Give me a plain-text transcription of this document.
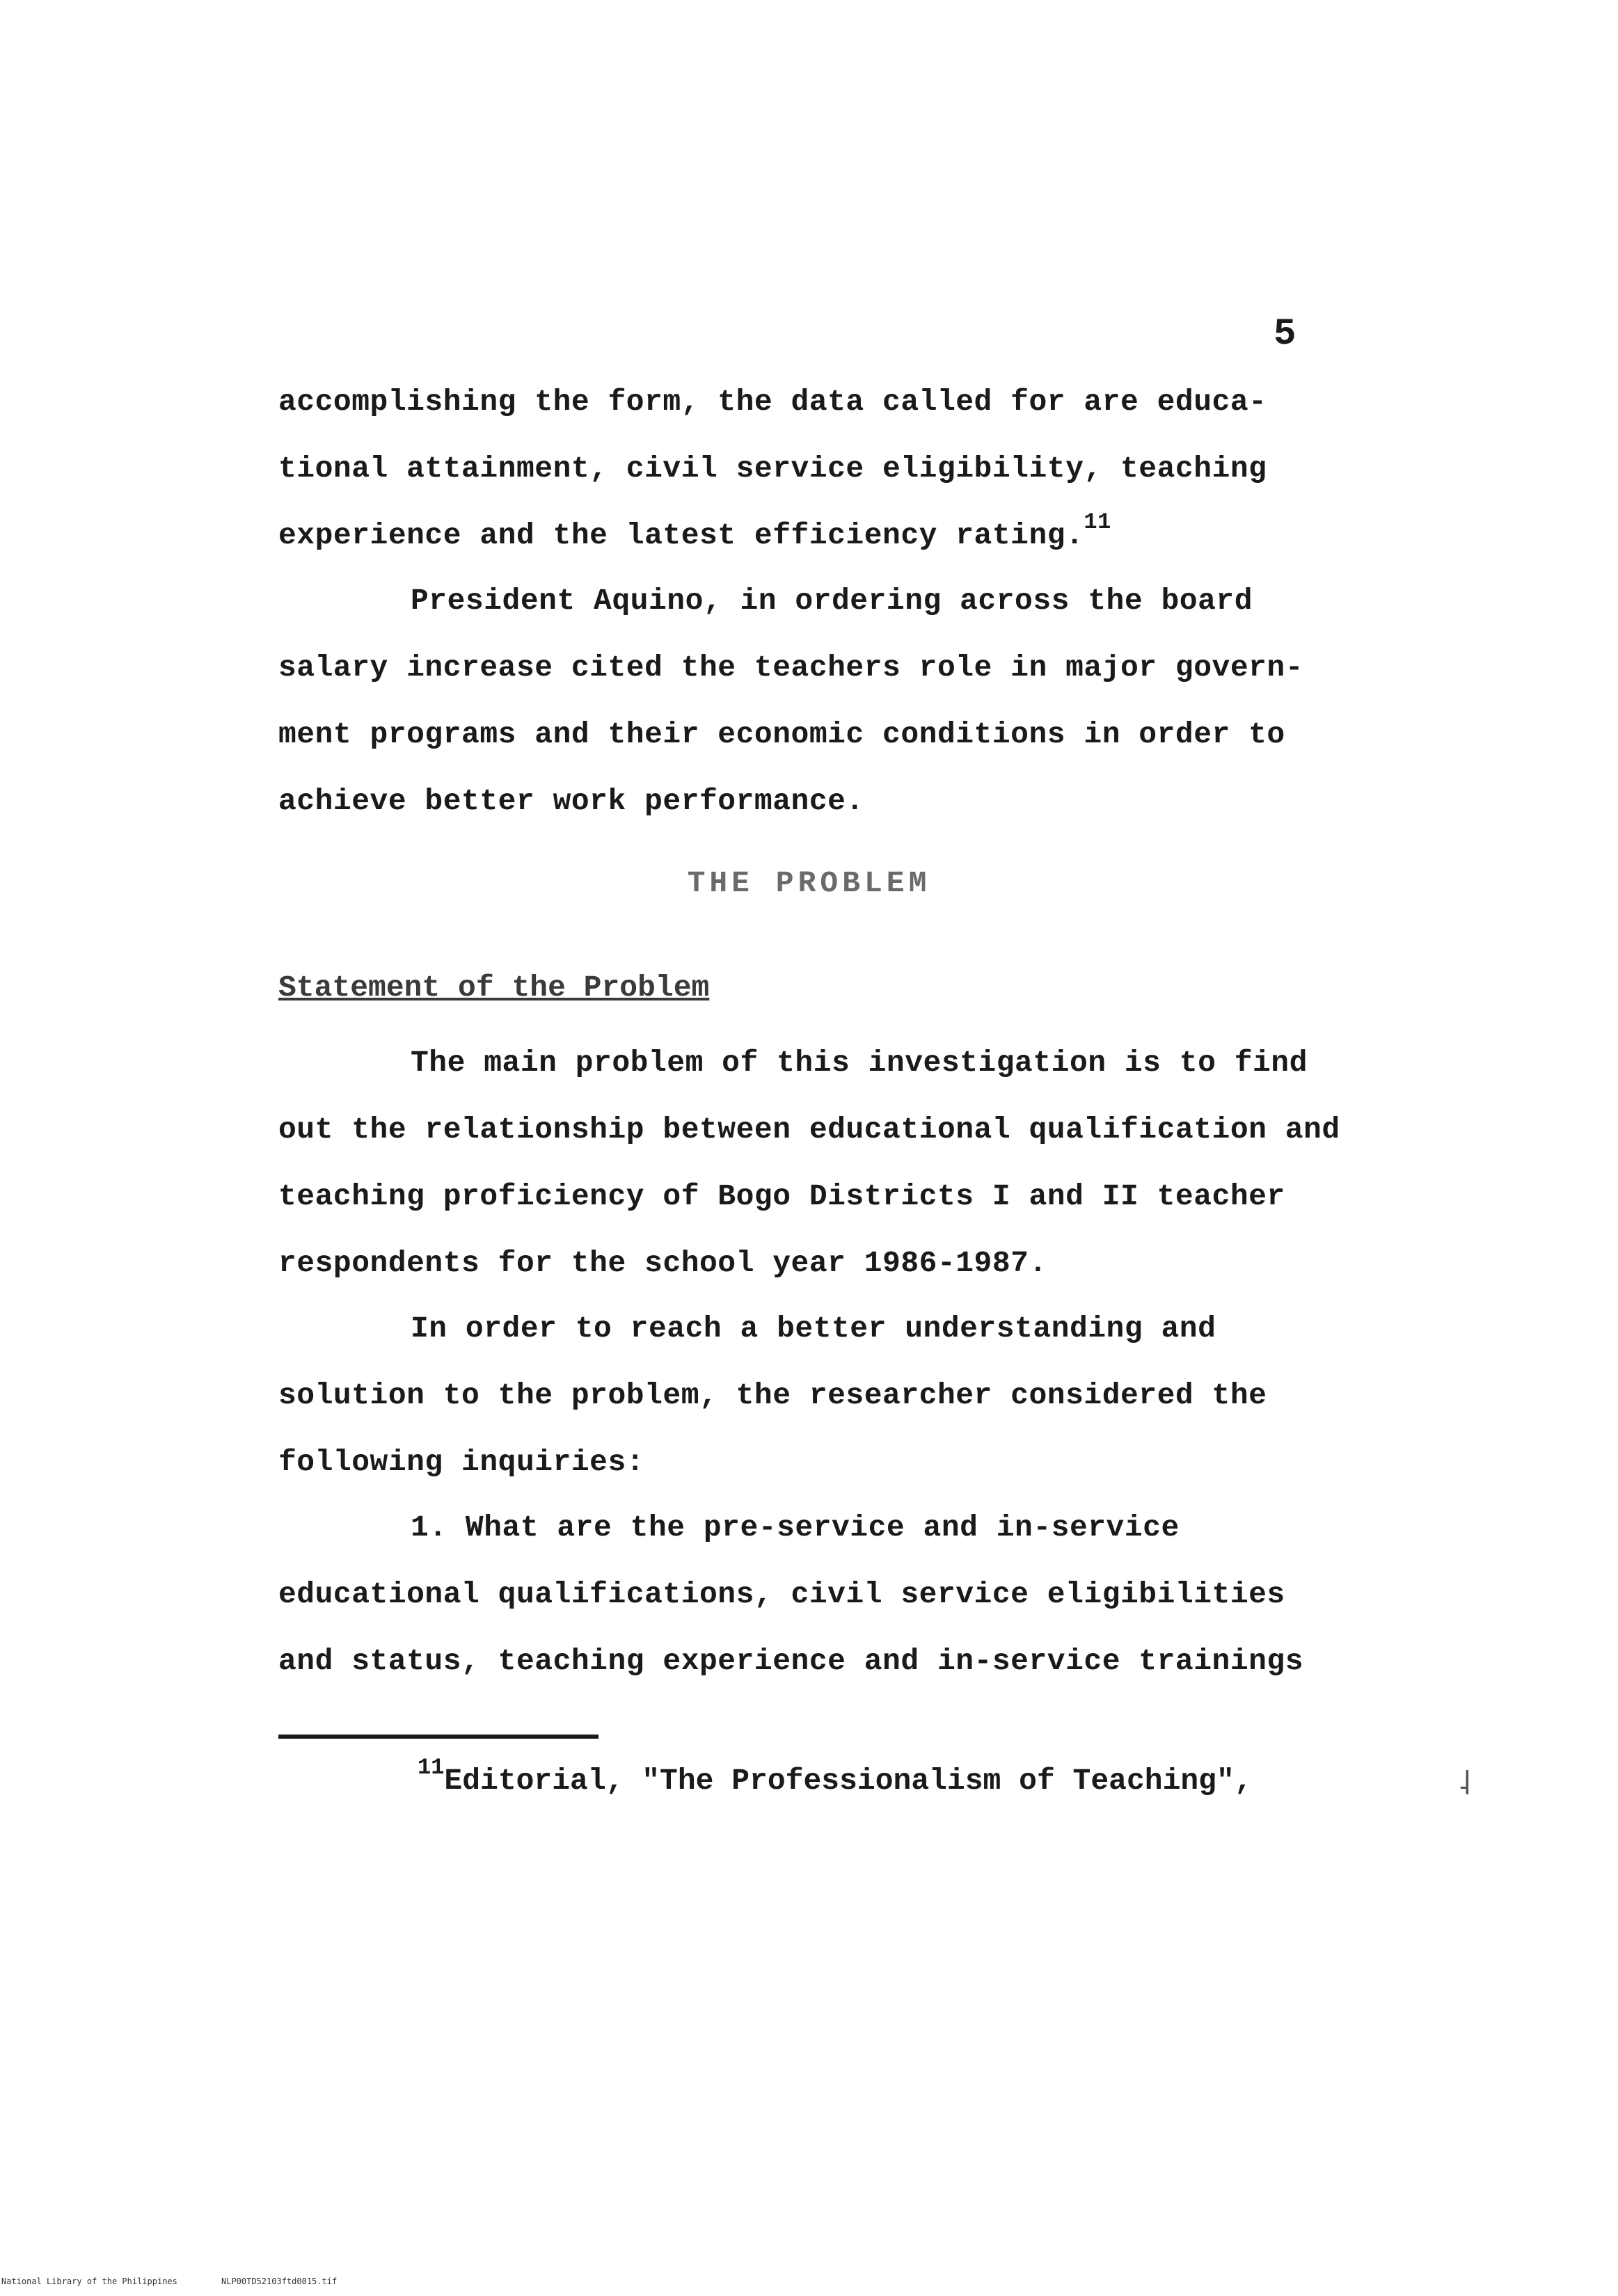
5

accomplishing the form, the data called for are educa-
tional attainment, civil service eligibility, teaching
experience and the latest efficiency rating.$^{11}$

President Aquino, in ordering across the board
salary increase cited the teachers role in major govern-
ment programs and their economic conditions in order to
achieve better work performance.

THE PROBLEM
Statement of the Problem

The main problem of this investigation is to find
out the relationship between educational qualification and
teaching proficiency of Bogo Districts I and II teacher
respondents for the school year 1986-1987.

In order to reach a better understanding and
solution to the problem, the researcher considered the
following inquiries:

1. What are the pre-service and in-service
educational qualifications, civil service eligibilities
and status, teaching experience and in-service trainings

$^{11}$Editorial, "The Professionalism of Teaching",	˨
National Library of the Philippines	NLP00TD52103ftd0015.tif
